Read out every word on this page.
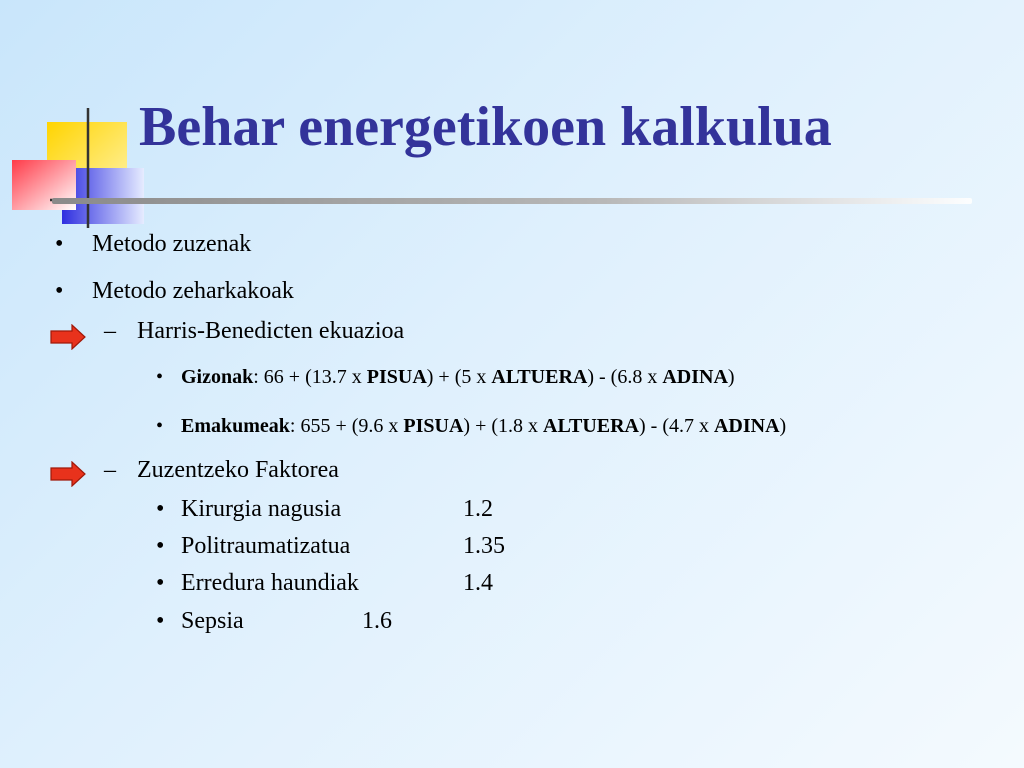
Behar energetikoen kalkulua
• Metodo zuzenak
• Metodo zeharkakoak
– Harris-Benedicten ekuazioa
• Gizonak: 66 + (13.7 x PISUA) + (5 x ALTUERA) - (6.8 x ADINA)
• Emakumeak: 655 + (9.6 x PISUA) + (1.8 x ALTUERA) - (4.7 x ADINA)
– Zuzentzeko Faktorea
• Kirurgia nagusia	1.2
• Politraumatizatua	1.35
• Erredura haundiak	1.4
• Sepsia	1.6
